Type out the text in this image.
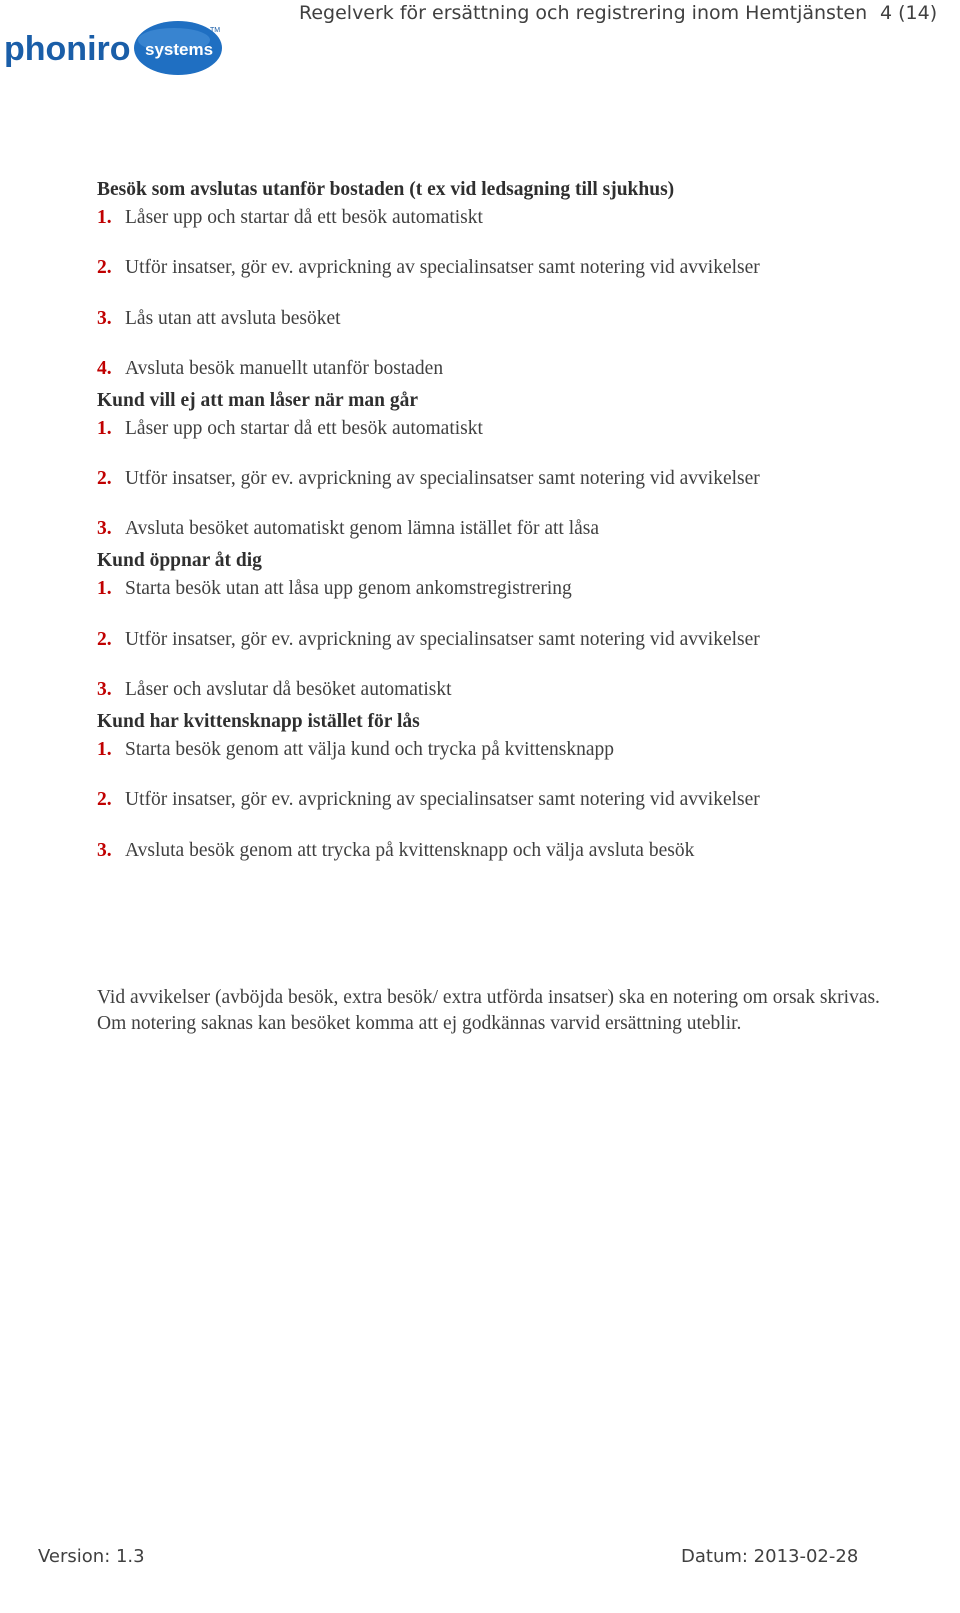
phoniro systems
TM
Regelverk för ersättning och registrering inom Hemtjänsten 4 (14)
Besök som avslutas utanför bostaden (t ex vid ledsagning till sjukhus)
1. Låser upp och startar då ett besök automatiskt
2. Utför insatser, gör ev. avprickning av specialinsatser samt notering vid avvikelser
3. Lås utan att avsluta besöket
4. Avsluta besök manuellt utanför bostaden
Kund vill ej att man låser när man går
1. Låser upp och startar då ett besök automatiskt
2. Utför insatser, gör ev. avprickning av specialinsatser samt notering vid avvikelser
3. Avsluta besöket automatiskt genom lämna istället för att låsa
Kund öppnar åt dig
1. Starta besök utan att låsa upp genom ankomstregistrering
2. Utför insatser, gör ev. avprickning av specialinsatser samt notering vid avvikelser
3. Låser och avslutar då besöket automatiskt
Kund har kvittensknapp istället för lås
1. Starta besök genom att välja kund och trycka på kvittensknapp
2. Utför insatser, gör ev. avprickning av specialinsatser samt notering vid avvikelser
3. Avsluta besök genom att trycka på kvittensknapp och välja avsluta besök
Vid avvikelser (avböjda besök, extra besök/ extra utförda insatser) ska en notering om orsak skrivas. Om notering saknas kan besöket komma att ej godkännas varvid ersättning uteblir.
Version: 1.3	Datum: 2013-02-28
